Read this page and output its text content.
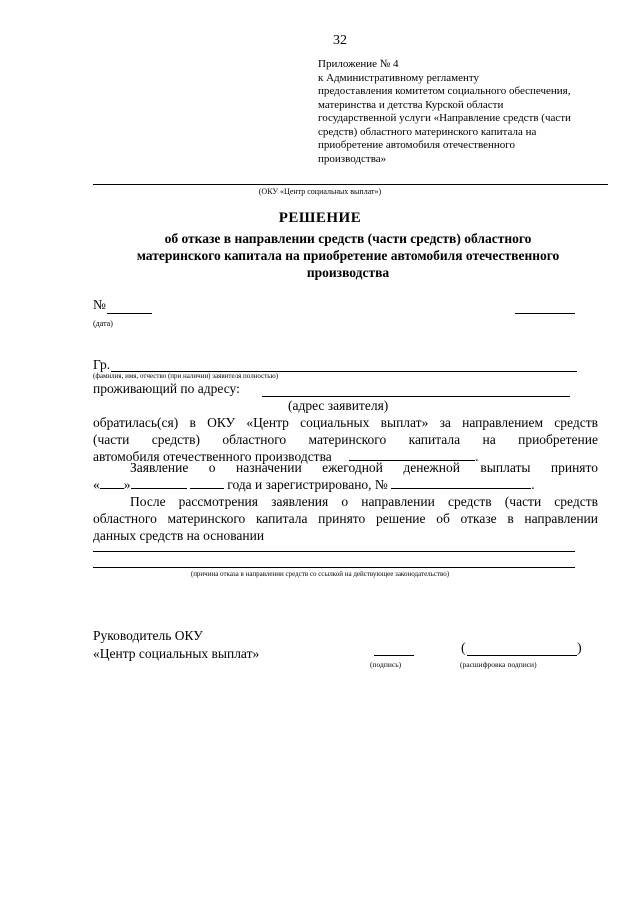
32
Приложение № 4
к Административному регламенту
предоставления комитетом социального обеспечения,
материнства и детства Курской области
государственной услуги «Направление средств (части
средств) областного материнского капитала на
приобретение автомобиля отечественного
производства»
(ОКУ «Центр социальных выплат»)
РЕШЕНИЕ
об отказе в направлении средств (части средств) областного
материнского капитала на приобретение автомобиля отечественного
производства
№
(дата)
Гр.
(фамилия, имя, отчество (при наличии) заявителя полностью)
проживающий по адресу:
(адрес заявителя)
обратилась(ся) в ОКУ «Центр социальных выплат» за направлением средств
(части средств) областного материнского капитала на приобретение
автомобиля отечественного производства	.
Заявление о назначении ежегодной денежной выплаты принято
« »	года и зарегистрировано, №	.
После рассмотрения заявления о направлении средств (части средств
областного материнского капитала принято решение об отказе в направлении
данных средств на основании
(причина отказа в направлении средств со ссылкой на действующее законодательство)
Руководитель ОКУ
«Центр социальных выплат»
(подпись)
(	)
(расшифровка подписи)
